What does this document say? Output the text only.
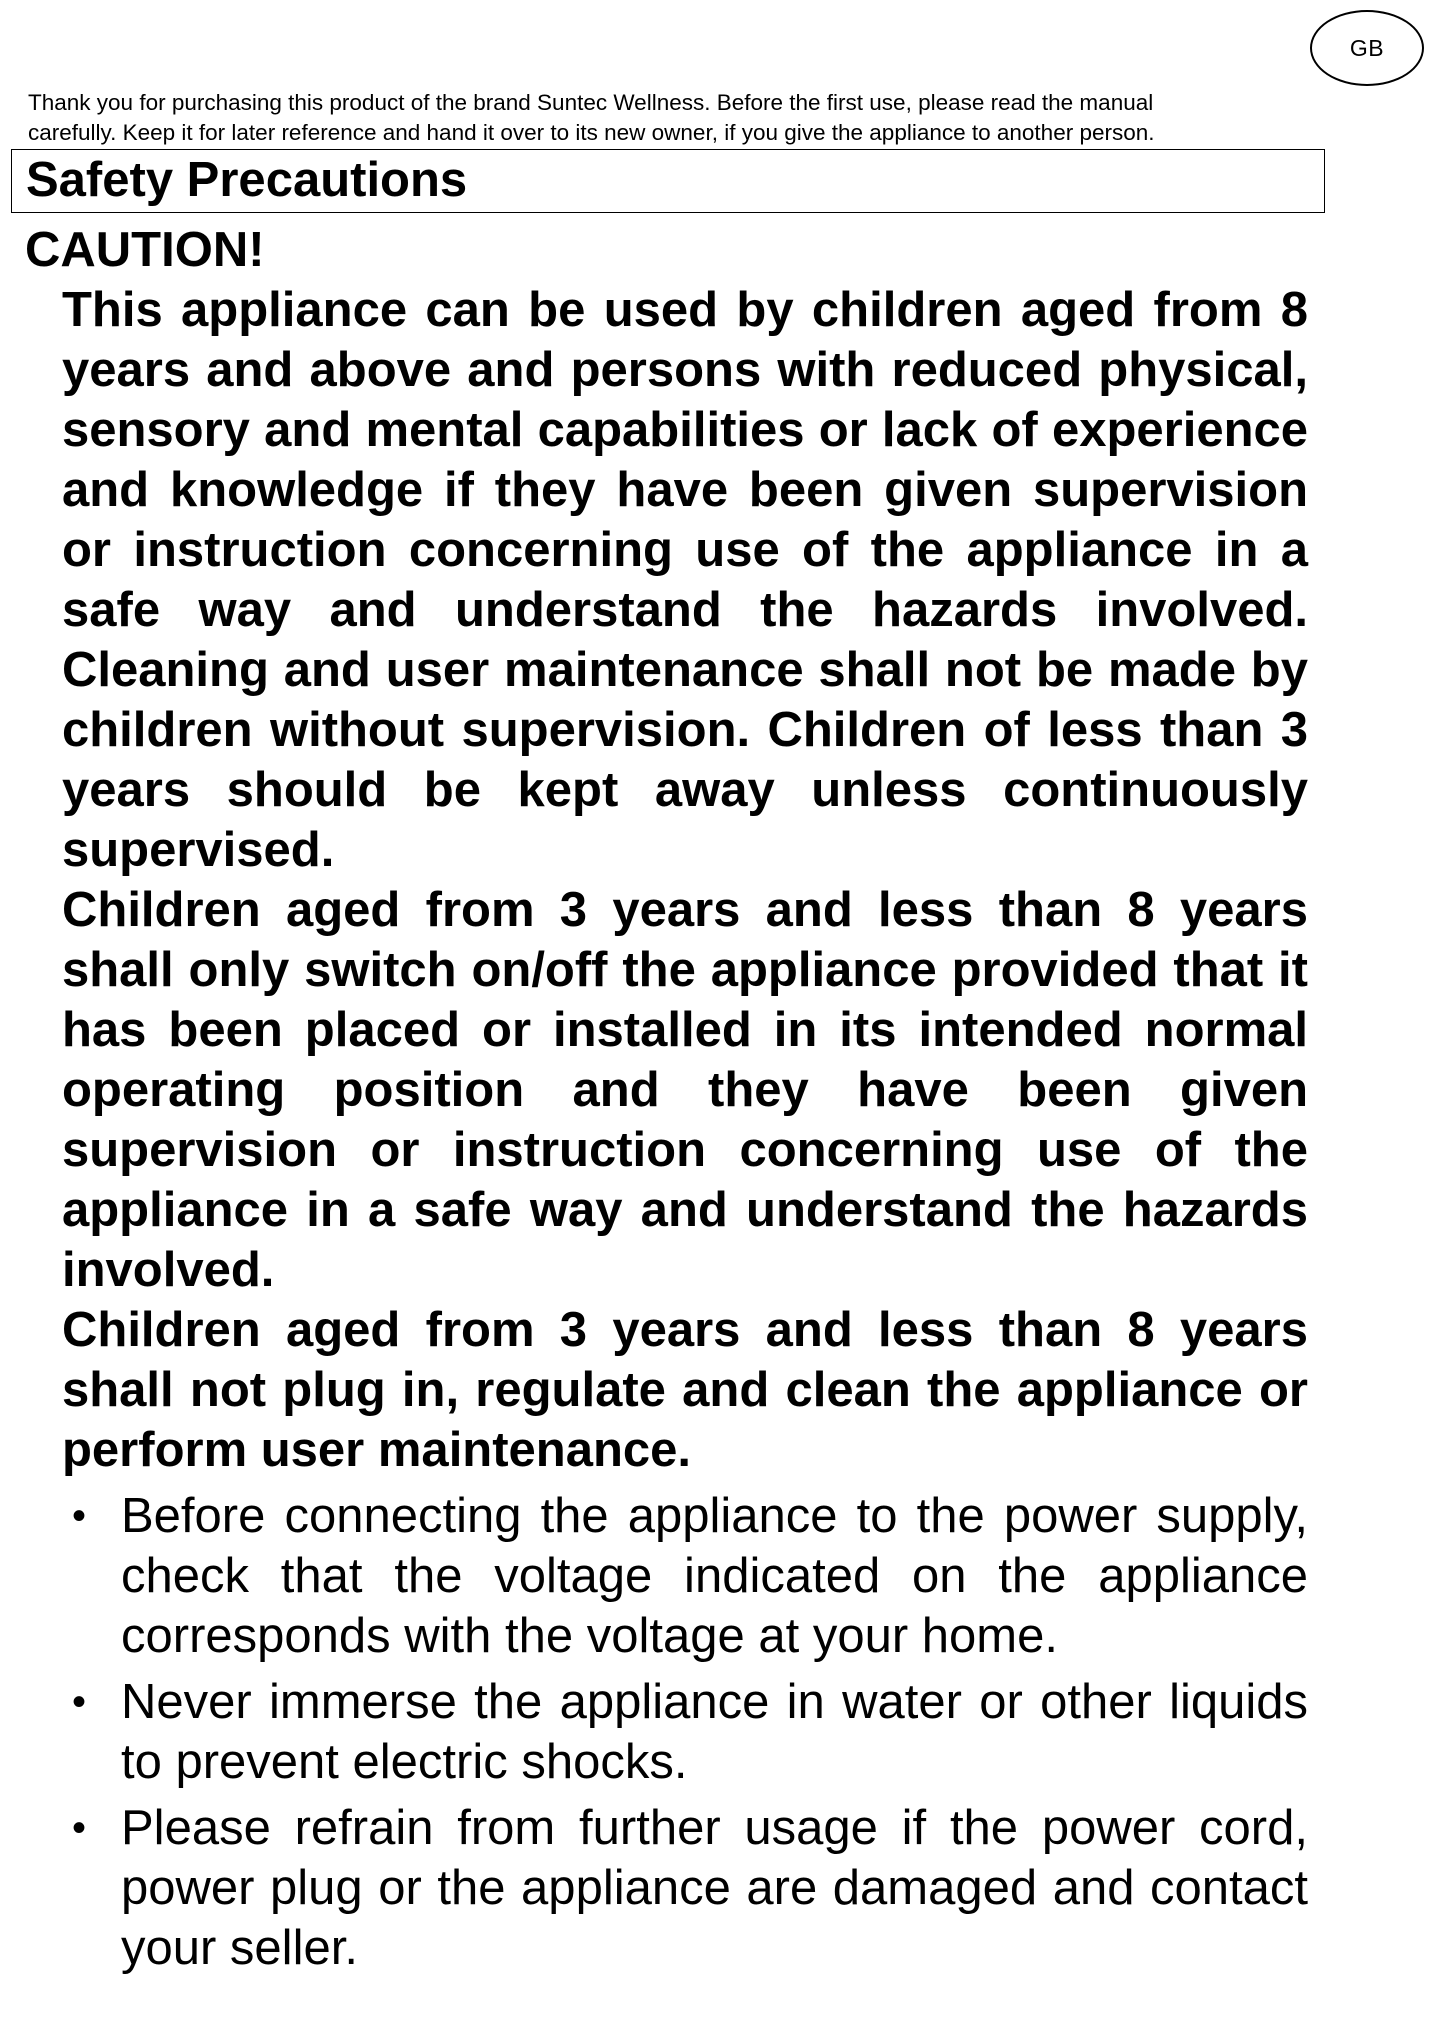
GB
Thank you for purchasing this product of the brand Suntec Wellness. Before the first use, please read the manual
carefully. Keep it for later reference and hand it over to its new owner, if you give the appliance to another person.
Safety Precautions
CAUTION!

This appliance can be used by children aged from 8 years and above and persons with reduced physical, sensory and mental capabilities or lack of experience and knowledge if they have been given supervision or instruction concerning use of the appliance in a safe way and understand the hazards involved. Cleaning and user maintenance shall not be made by children without supervision. Children of less than 3 years should be kept away unless continuously supervised.

Children aged from 3 years and less than 8 years shall only switch on/off the appliance provided that it has been placed or installed in its intended normal operating position and they have been given supervision or instruction concerning use of the appliance in a safe way and understand the hazards involved.

Children aged from 3 years and less than 8 years shall not plug in, regulate and clean the appliance or perform user maintenance.

• Before connecting the appliance to the power supply, check that the voltage indicated on the appliance corresponds with the voltage at your home.
• Never immerse the appliance in water or other liquids to prevent electric shocks.
• Please refrain from further usage if the power cord, power plug or the appliance are damaged and contact your seller.
